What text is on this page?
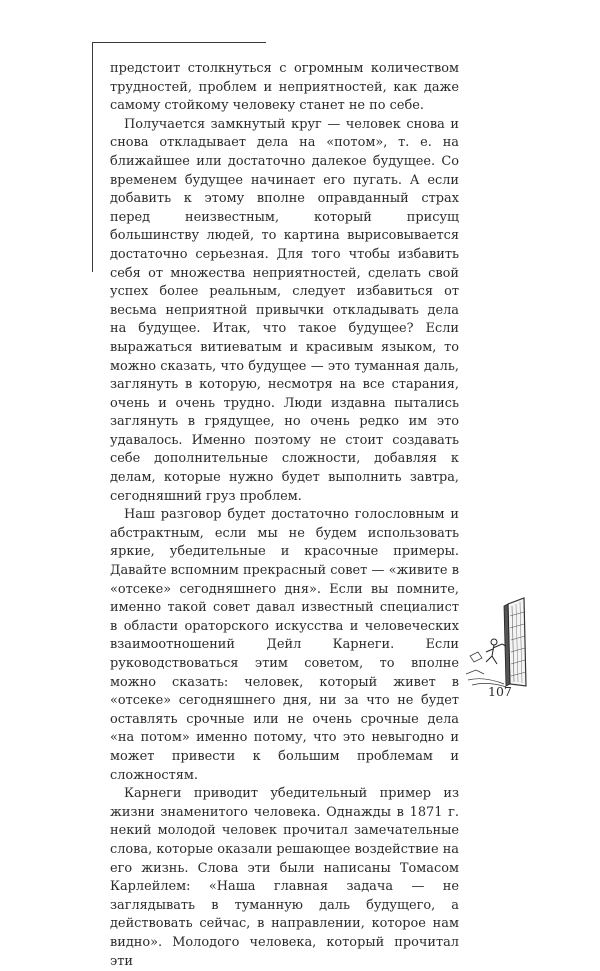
предстоит столкнуться с огромным количеством трудностей, проблем и неприятностей, как даже самому стойкому человеку станет не по себе.

Получается замкнутый круг — человек снова и снова откладывает дела на «потом», т. е. на ближайшее или достаточно далекое будущее. Со временем будущее начинает его пугать. А если добавить к этому вполне оправданный страх перед неизвестным, который присущ большинству людей, то картина вырисовывается достаточно серьезная. Для того чтобы избавить себя от множества неприятностей, сделать свой успех более реальным, следует избавиться от весьма неприятной привычки откладывать дела на будущее. Итак, что такое будущее? Если выражаться витиеватым и красивым языком, то можно сказать, что будущее — это туманная даль, заглянуть в которую, несмотря на все старания, очень и очень трудно. Люди издавна пытались заглянуть в грядущее, но очень редко им это удавалось. Именно поэтому не стоит создавать себе дополнительные сложности, добавляя к делам, которые нужно будет выполнить завтра, сегодняшний груз проблем.

Наш разговор будет достаточно голословным и абстрактным, если мы не будем использовать яркие, убедительные и красочные примеры. Давайте вспомним прекрасный совет — «живите в «отсеке» сегодняшнего дня». Если вы помните, именно такой совет давал известный специалист в области ораторского искусства и человеческих взаимоотношений Дейл Карнеги. Если руководствоваться этим советом, то вполне можно сказать: человек, который живет в «отсеке» сегодняшнего дня, ни за что не будет оставлять срочные или не очень срочные дела «на потом» именно потому, что это невыгодно и может привести к большим проблемам и сложностям.

Карнеги приводит убедительный пример из жизни знаменитого человека. Однажды в 1871 г. некий молодой человек прочитал замечательные слова, которые оказали решающее воздействие на его жизнь. Слова эти были написаны Томасом Карлейлем: «Наша главная задача — не заглядывать в туманную даль будущего, а действовать сейчас, в направлении, которое нам видно». Молодого человека, который прочитал эти

107
